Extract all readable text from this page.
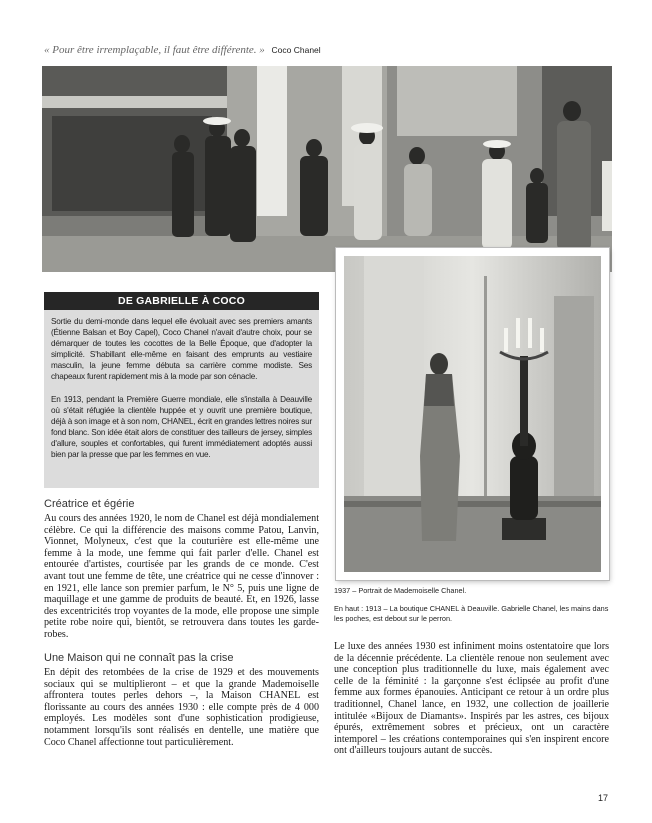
« Pour être irremplaçable, il faut être différente. » Coco Chanel
DE GABRIELLE À COCO

Sortie du demi-monde dans lequel elle évoluait avec ses premiers amants (Étienne Balsan et Boy Capel), Coco Chanel n'avait d'autre choix, pour se démarquer de toutes les cocottes de la Belle Époque, que d'adopter la simplicité. S'habillant elle-même en faisant des emprunts au vestiaire masculin, la jeune femme débuta sa carrière comme modiste. Ses chapeaux furent rapidement mis à la mode par son cénacle.

En 1913, pendant la Première Guerre mondiale, elle s'installa à Deauville où s'était réfugiée la clientèle huppée et y ouvrit une première boutique, déjà à son image et à son nom, CHANEL, écrit en grandes lettres noires sur fond blanc. Son idée était alors de constituer des tailleurs de jersey, simples d'allure, souples et confortables, qui furent immédiatement adoptés aussi bien par la presse que par les femmes en vue.

Créatrice et égérie

Au cours des années 1920, le nom de Chanel est déjà mondialement célèbre. Ce qui la différencie des maisons comme Patou, Lanvin, Vionnet, Molyneux, c'est que la couturière est elle-même une femme à la mode, une femme qui fait parler d'elle. Chanel est entourée d'artistes, courtisée par les grands de ce monde. C'est avant tout une femme de tête, une créatrice qui ne cesse d'innover : en 1921, elle lance son premier parfum, le N° 5, puis une ligne de maquillage et une gamme de produits de beauté. Et, en 1926, lasse des excentricités trop voyantes de la mode, elle propose une simple petite robe noire qui, bientôt, se retrouvera dans toutes les garde-robes.

Une Maison qui ne connaît pas la crise

En dépit des retombées de la crise de 1929 et des mouvements sociaux qui se multiplieront – et que la grande Mademoiselle affrontera toutes perles dehors –, la Maison CHANEL est florissante au cours des années 1930 : elle compte près de 4 000 employés. Les modèles sont d'une sophistication prodigieuse, notamment lorsqu'ils sont réalisés en dentelle, une matière que Coco Chanel affectionne tout particulièrement.

1937 – Portrait de Mademoiselle Chanel.

En haut : 1913 – La boutique CHANEL à Deauville. Gabrielle Chanel, les mains dans les poches, est debout sur le perron.

Le luxe des années 1930 est infiniment moins ostentatoire que lors de la décennie précédente. La clientèle renoue non seulement avec une conception plus traditionnelle du luxe, mais également avec celle de la féminité : la garçonne s'est éclipsée au profit d'une femme aux formes épanouies. Anticipant ce retour à un ordre plus traditionnel, Chanel lance, en 1932, une collection de joaillerie intitulée «Bijoux de Diamants». Inspirés par les astres, ces bijoux épurés, extrêmement sobres et précieux, ont un caractère intemporel – les créations contemporaines qui s'en inspirent encore ont d'ailleurs toujours autant de succès.

17
